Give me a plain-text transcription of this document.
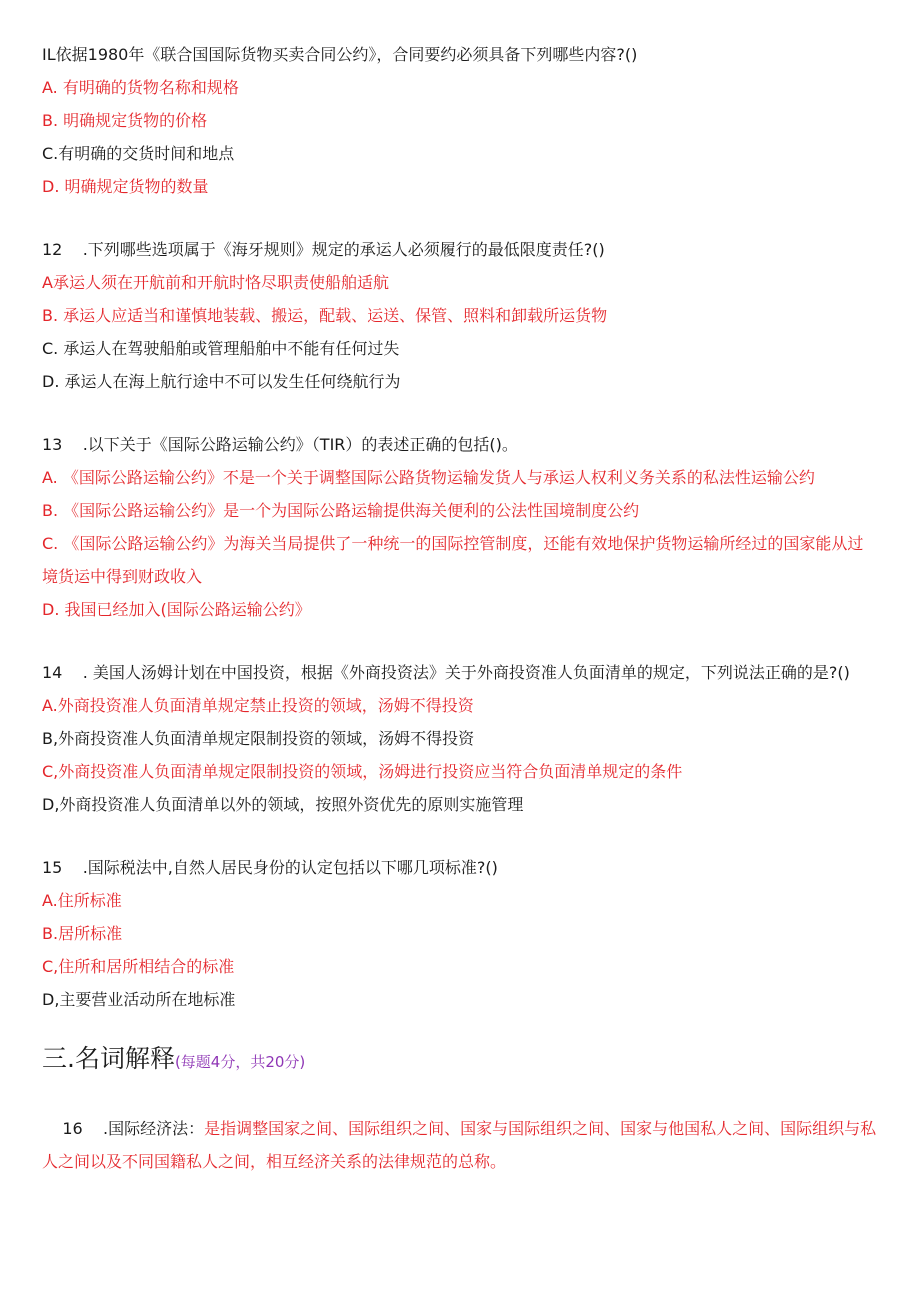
IL依据1980年《联合国国际货物买卖合同公约》，合同要约必须具备下列哪些内容?()
A. 有明确的货物名称和规格
B. 明确规定货物的价格
C.有明确的交货时间和地点
D. 明确规定货物的数量
12    .下列哪些选项属于《海牙规则》规定的承运人必须履行的最低限度责任?()
A承运人须在开航前和开航时恪尽职责使船舶适航
B. 承运人应适当和谨慎地装载、搬运，配载、运送、保管、照料和卸载所运货物
C. 承运人在驾驶船舶或管理船舶中不能有任何过失
D. 承运人在海上航行途中不可以发生任何绕航行为
13    .以下关于《国际公路运输公约》（TIR）的表述正确的包括()。
A. 《国际公路运输公约》不是一个关于调整国际公路货物运输发货人与承运人权利义务关系的私法性运输公约
B. 《国际公路运输公约》是一个为国际公路运输提供海关便利的公法性国境制度公约
C. 《国际公路运输公约》为海关当局提供了一种统一的国际控管制度，还能有效地保护货物运输所经过的国家能从过境货运中得到财政收入
D. 我国已经加入(国际公路运输公约》
14    . 美国人汤姆计划在中国投资，根据《外商投资法》关于外商投资准人负面清单的规定，下列说法正确的是?()
A.外商投资准人负面清单规定禁止投资的领域，汤姆不得投资
B,外商投资准人负面清单规定限制投资的领域，汤姆不得投资
C,外商投资准人负面清单规定限制投资的领域，汤姆进行投资应当符合负面清单规定的条件
D,外商投资准人负面清单以外的领域，按照外资优先的原则实施管理
15    .国际税法中,自然人居民身份的认定包括以下哪几项标准?()
A.住所标准
B.居所标准
C,住所和居所相结合的标准
D,主要营业活动所在地标准
三.名词解释(每题4分，共20分)

16    .国际经济法：是指调整国家之间、国际组织之间、国家与国际组织之间、国家与他国私人之间、国际组织与私人之间以及不同国籍私人之间，相互经济关系的法律规范的总称。
